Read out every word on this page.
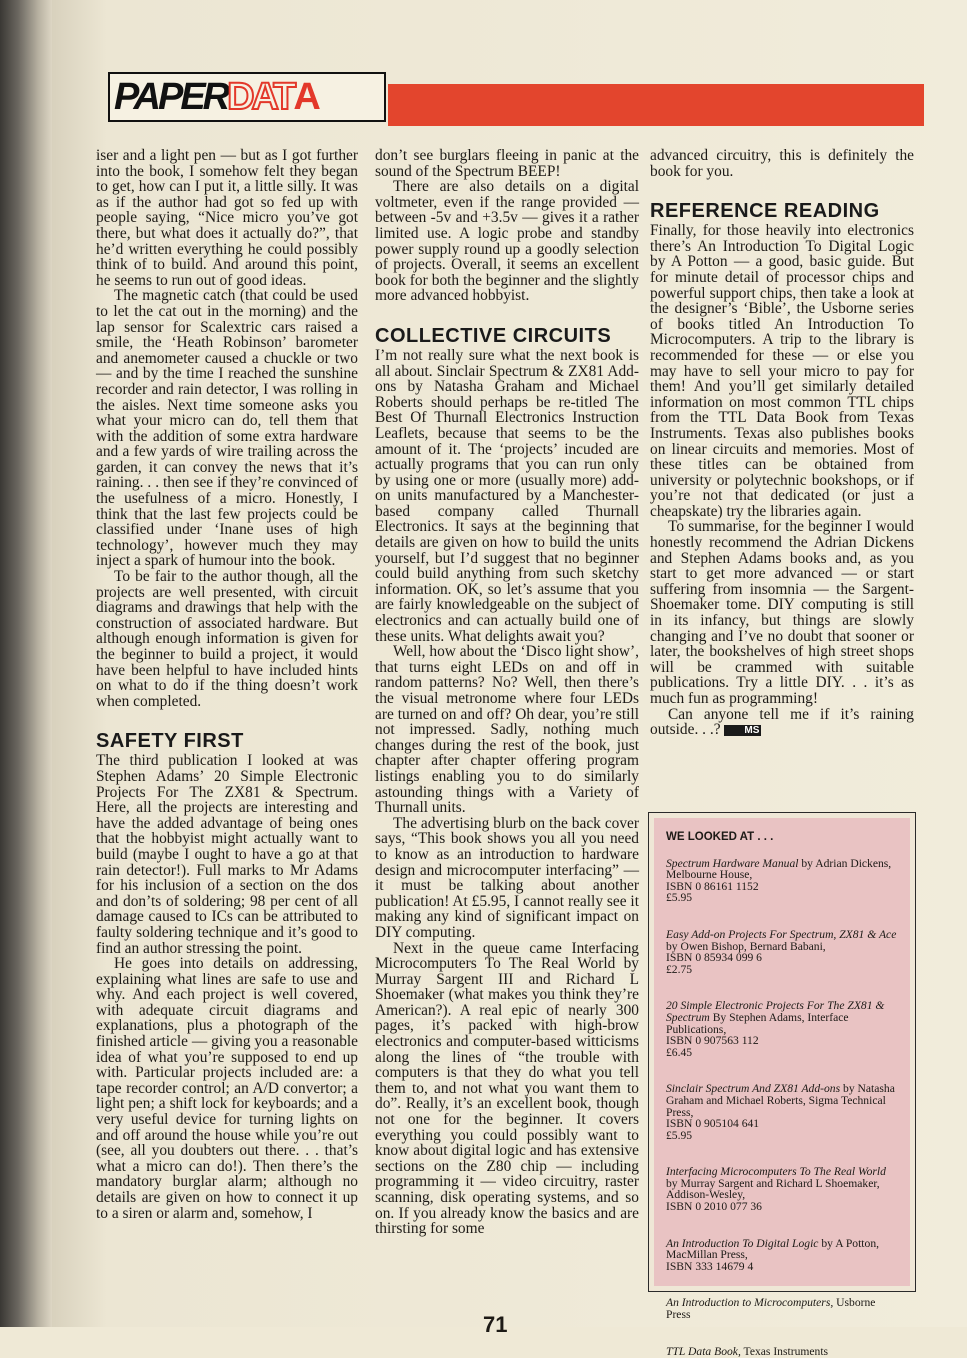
PAPER DAT A

iser and a light pen — but as I got further into the book, I somehow felt they began to get, how can I put it, a little silly. It was as if the author had got so fed up with people saying, “Nice micro you’ve got there, but what does it actually do?”, that he’d written everything he could possibly think of to build. And around this point, he seems to run out of good ideas.

The magnetic catch (that could be used to let the cat out in the morning) and the lap sensor for Scalextric cars raised a smile, the ‘Heath Robinson’ barometer and anemometer caused a chuckle or two — and by the time I reached the sunshine recorder and rain detector, I was rolling in the aisles. Next time someone asks you what your micro can do, tell them that with the addition of some extra hardware and a few yards of wire trailing across the garden, it can convey the news that it’s raining. . . then see if they’re convinced of the usefulness of a micro. Honestly, I think that the last few projects could be classified under ‘Inane uses of high technology’, however much they may inject a spark of humour into the book.

To be fair to the author though, all the projects are well presented, with circuit diagrams and drawings that help with the construction of associated hardware. But although enough information is given for the beginner to build a project, it would have been helpful to have included hints on what to do if the thing doesn’t work when completed.

SAFETY FIRST

The third publication I looked at was Stephen Adams’ 20 Simple Electronic Projects For The ZX81 & Spectrum. Here, all the projects are interesting and have the added advantage of being ones that the hobbyist might actually want to build (maybe I ought to have a go at that rain detector!). Full marks to Mr Adams for his inclusion of a section on the dos and don’ts of soldering; 98 per cent of all damage caused to ICs can be attributed to faulty soldering technique and it’s good to find an author stressing the point.

He goes into details on addressing, explaining what lines are safe to use and why. And each project is well covered, with adequate circuit diagrams and explanations, plus a photograph of the finished article — giving you a reasonable idea of what you’re supposed to end up with. Particular projects included are: a tape recorder control; an A/D convertor; a light pen; a shift lock for keyboards; and a very useful device for turning lights on and off around the house while you’re out (see, all you doubters out there. . . that’s what a micro can do!). Then there’s the mandatory burglar alarm; although no details are given on how to connect it up to a siren or alarm and, somehow, I

don’t see burglars fleeing in panic at the sound of the Spectrum BEEP!

There are also details on a digital voltmeter, even if the range provided — between -5v and +3.5v — gives it a rather limited use. A logic probe and standby power supply round up a goodly selection of projects. Overall, it seems an excellent book for both the beginner and the slightly more advanced hobbyist.

COLLECTIVE CIRCUITS

I’m not really sure what the next book is all about. Sinclair Spectrum & ZX81 Add-ons by Natasha Graham and Michael Roberts should perhaps be re-titled The Best Of Thurnall Electronics Instruction Leaflets, because that seems to be the amount of it. The ‘projects’ incuded are actually programs that you can run only by using one or more (usually more) add-on units manufactured by a Manchester-based company called Thurnall Electronics. It says at the beginning that details are given on how to build the units yourself, but I’d suggest that no beginner could build anything from such sketchy information. OK, so let’s assume that you are fairly knowledgeable on the subject of electronics and can actually build one of these units. What delights await you?

Well, how about the ‘Disco light show’, that turns eight LEDs on and off in random patterns? No? Well, then there’s the visual metronome where four LEDs are turned on and off? Oh dear, you’re still not impressed. Sadly, nothing much changes during the rest of the book, just chapter after chapter offering program listings enabling you to do similarly astounding things with a Variety of Thurnall units.

The advertising blurb on the back cover says, “This book shows you all you need to know as an introduction to hardware design and microcomputer interfacing” — it must be talking about another publication! At £5.95, I cannot really see it making any kind of significant impact on DIY computing.

Next in the queue came Interfacing Microcomputers To The Real World by Murray Sargent III and Richard L Shoemaker (what makes you think they’re American?). A real epic of nearly 300 pages, it’s packed with high-brow electronics and computer-based witticisms along the lines of “the trouble with computers is that they do what you tell them to, and not what you want them to do”. Really, it’s an excellent book, though not one for the beginner. It covers everything you could possibly want to know about digital logic and has extensive sections on the Z80 chip — including programming it — video circuitry, raster scanning, disk operating systems, and so on. If you already know the basics and are thirsting for some

advanced circuitry, this is definitely the book for you.

REFERENCE READING

Finally, for those heavily into electronics there’s An Introduction To Digital Logic by A Potton — a good, basic guide. But for minute detail of processor chips and powerful support chips, then take a look at the designer’s ‘Bible’, the Usborne series of books titled An Introduction To Microcomputers. A trip to the library is recommended for these — or else you may have to sell your micro to pay for them! And you’ll get similarly detailed information on most common TTL chips from the TTL Data Book from Texas Instruments. Texas also publishes books on linear circuits and memories. Most of these titles can be obtained from university or polytechnic bookshops, or if you’re not that dedicated (or just a cheapskate) try the libraries again.

To summarise, for the beginner I would honestly recommend the Adrian Dickens and Stephen Adams books and, as you start to get more advanced — or start suffering from insomnia — the Sargent-Shoemaker tome. DIY computing is still in its infancy, but things are slowly changing and I’ve no doubt that sooner or later, the bookshelves of high street shops will be crammed with suitable publications. Try a little DIY. . . it’s as much fun as programming!

Can anyone tell me if it’s raining outside. . .? MS

WE LOOKED AT . . .
Spectrum Hardware Manual by Adrian Dickens, Melbourne House,
ISBN 0 86161 1152
£5.95
Easy Add-on Projects For Spectrum, ZX81 & Ace by Owen Bishop, Bernard Babani,
ISBN 0 85934 099 6
£2.75
20 Simple Electronic Projects For The ZX81 & Spectrum By Stephen Adams, Interface Publications,
ISBN 0 907563 112
£6.45
Sinclair Spectrum And ZX81 Add-ons by Natasha Graham and Michael Roberts, Sigma Technical Press,
ISBN 0 905104 641
£5.95
Interfacing Microcomputers To The Real World by Murray Sargent and Richard L Shoemaker, Addison-Wesley,
ISBN 0 2010 077 36
An Introduction To Digital Logic by A Potton, MacMillan Press,
ISBN 333 14679 4
An Introduction to Microcomputers, Usborne Press
TTL Data Book, Texas Instruments
71
